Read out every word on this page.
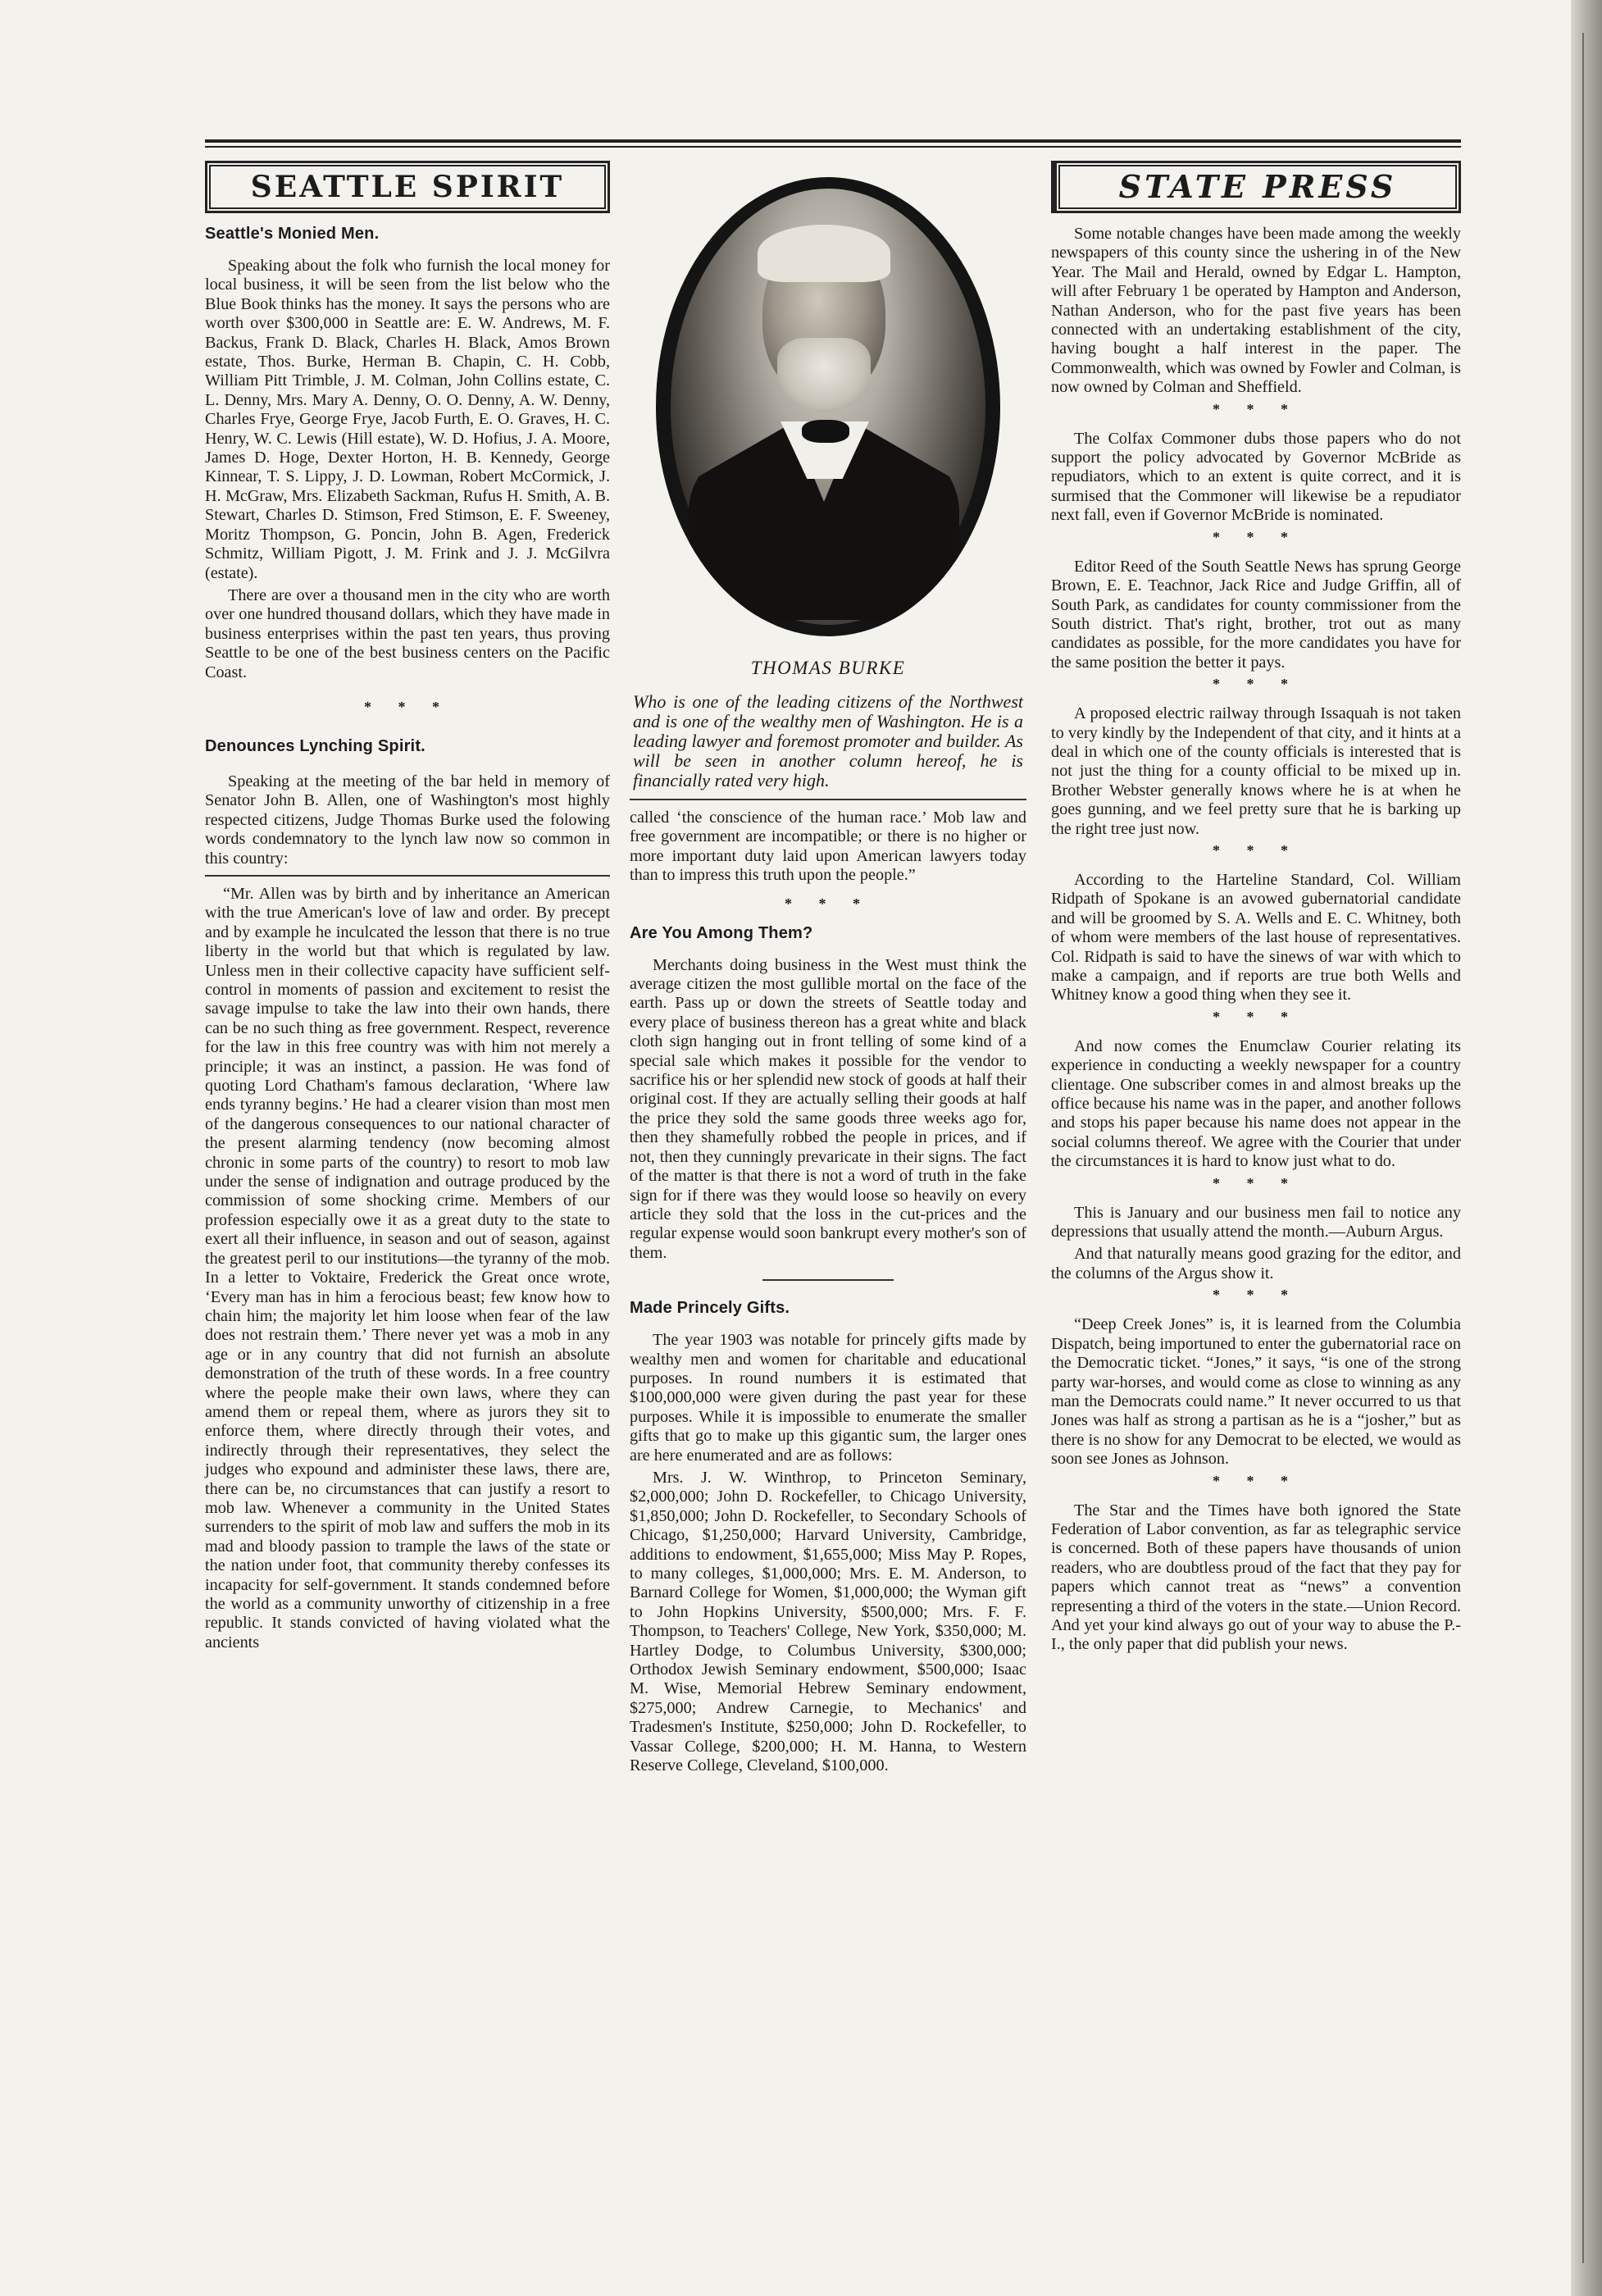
SEATTLE SPIRIT
Seattle's Monied Men.

Speaking about the folk who furnish the local money for local business, it will be seen from the list below who the Blue Book thinks has the money. It says the persons who are worth over $300,000 in Seattle are: E. W. Andrews, M. F. Backus, Frank D. Black, Charles H. Black, Amos Brown estate, Thos. Burke, Herman B. Chapin, C. H. Cobb, William Pitt Trimble, J. M. Colman, John Collins estate, C. L. Denny, Mrs. Mary A. Denny, O. O. Denny, A. W. Denny, Charles Frye, George Frye, Jacob Furth, E. O. Graves, H. C. Henry, W. C. Lewis (Hill estate), W. D. Hofius, J. A. Moore, James D. Hoge, Dexter Horton, H. B. Kennedy, George Kinnear, T. S. Lippy, J. D. Lowman, Robert McCormick, J. H. McGraw, Mrs. Elizabeth Sackman, Rufus H. Smith, A. B. Stewart, Charles D. Stimson, Fred Stimson, E. F. Sweeney, Moritz Thompson, G. Poncin, John B. Agen, Frederick Schmitz, William Pigott, J. M. Frink and J. J. McGilvra (estate).

There are over a thousand men in the city who are worth over one hundred thousand dollars, which they have made in business enterprises within the past ten years, thus proving Seattle to be one of the best business centers on the Pacific Coast.

* * *
Denounces Lynching Spirit.

Speaking at the meeting of the bar held in memory of Senator John B. Allen, one of Washington's most highly respected citizens, Judge Thomas Burke used the folowing words condemnatory to the lynch law now so common in this country:

“Mr. Allen was by birth and by inheritance an American with the true American's love of law and order. By precept and by example he inculcated the lesson that there is no true liberty in the world but that which is regulated by law. Unless men in their collective capacity have sufficient self-control in moments of passion and excitement to resist the savage impulse to take the law into their own hands, there can be no such thing as free government. Respect, reverence for the law in this free country was with him not merely a principle; it was an instinct, a passion. He was fond of quoting Lord Chatham's famous declaration, ‘Where law ends tyranny begins.’ He had a clearer vision than most men of the dangerous consequences to our national character of the present alarming tendency (now becoming almost chronic in some parts of the country) to resort to mob law under the sense of indignation and outrage produced by the commission of some shocking crime. Members of our profession especially owe it as a great duty to the state to exert all their influence, in season and out of season, against the greatest peril to our institutions—the tyranny of the mob. In a letter to Voktaire, Frederick the Great once wrote, ‘Every man has in him a ferocious beast; few know how to chain him; the majority let him loose when fear of the law does not restrain them.’ There never yet was a mob in any age or in any country that did not furnish an absolute demonstration of the truth of these words. In a free country where the people make their own laws, where they can amend them or repeal them, where as jurors they sit to enforce them, where directly through their votes, and indirectly through their representatives, they select the judges who expound and administer these laws, there are, there can be, no circumstances that can justify a resort to mob law. Whenever a community in the United States surrenders to the spirit of mob law and suffers the mob in its mad and bloody passion to trample the laws of the state or the nation under foot, that community thereby confesses its incapacity for self-government. It stands condemned before the world as a community unworthy of citizenship in a free republic. It stands convicted of having violated what the ancients

THOMAS BURKE

Who is one of the leading citizens of the Northwest and is one of the wealthy men of Washington. He is a leading lawyer and foremost promoter and builder. As will be seen in another column hereof, he is financially rated very high.

called ‘the conscience of the human race.’ Mob law and free government are incompatible; or there is no higher or more important duty laid upon American lawyers today than to impress this truth upon the people.”

* * *
Are You Among Them?

Merchants doing business in the West must think the average citizen the most gullible mortal on the face of the earth. Pass up or down the streets of Seattle today and every place of business thereon has a great white and black cloth sign hanging out in front telling of some kind of a special sale which makes it possible for the vendor to sacrifice his or her splendid new stock of goods at half their original cost. If they are actually selling their goods at half the price they sold the same goods three weeks ago for, then they shamefully robbed the people in prices, and if not, then they cunningly prevaricate in their signs. The fact of the matter is that there is not a word of truth in the fake sign for if there was they would loose so heavily on every article they sold that the loss in the cut-prices and the regular expense would soon bankrupt every mother's son of them.

Made Princely Gifts.

The year 1903 was notable for princely gifts made by wealthy men and women for charitable and educational purposes. In round numbers it is estimated that $100,000,000 were given during the past year for these purposes. While it is impossible to enumerate the smaller gifts that go to make up this gigantic sum, the larger ones are here enumerated and are as follows:

Mrs. J. W. Winthrop, to Princeton Seminary, $2,000,000; John D. Rockefeller, to Chicago University, $1,850,000; John D. Rockefeller, to Secondary Schools of Chicago, $1,250,000; Harvard University, Cambridge, additions to endowment, $1,655,000; Miss May P. Ropes, to many colleges, $1,000,000; Mrs. E. M. Anderson, to Barnard College for Women, $1,000,000; the Wyman gift to John Hopkins University, $500,000; Mrs. F. F. Thompson, to Teachers' College, New York, $350,000; M. Hartley Dodge, to Columbus University, $300,000; Orthodox Jewish Seminary endowment, $500,000; Isaac M. Wise, Memorial Hebrew Seminary endowment, $275,000; Andrew Carnegie, to Mechanics' and Tradesmen's Institute, $250,000; John D. Rockefeller, to Vassar College, $200,000; H. M. Hanna, to Western Reserve College, Cleveland, $100,000.

STATE PRESS

Some notable changes have been made among the weekly newspapers of this county since the ushering in of the New Year. The Mail and Herald, owned by Edgar L. Hampton, will after February 1 be operated by Hampton and Anderson, Nathan Anderson, who for the past five years has been connected with an undertaking establishment of the city, having bought a half interest in the paper. The Commonwealth, which was owned by Fowler and Colman, is now owned by Colman and Sheffield.

* * *

The Colfax Commoner dubs those papers who do not support the policy advocated by Governor McBride as repudiators, which to an extent is quite correct, and it is surmised that the Commoner will likewise be a repudiator next fall, even if Governor McBride is nominated.

* * *

Editor Reed of the South Seattle News has sprung George Brown, E. E. Teachnor, Jack Rice and Judge Griffin, all of South Park, as candidates for county commissioner from the South district. That's right, brother, trot out as many candidates as possible, for the more candidates you have for the same position the better it pays.

* * *

A proposed electric railway through Issaquah is not taken to very kindly by the Independent of that city, and it hints at a deal in which one of the county officials is interested that is not just the thing for a county official to be mixed up in. Brother Webster generally knows where he is at when he goes gunning, and we feel pretty sure that he is barking up the right tree just now.

* * *

According to the Harteline Standard, Col. William Ridpath of Spokane is an avowed gubernatorial candidate and will be groomed by S. A. Wells and E. C. Whitney, both of whom were members of the last house of representatives. Col. Ridpath is said to have the sinews of war with which to make a campaign, and if reports are true both Wells and Whitney know a good thing when they see it.

* * *

And now comes the Enumclaw Courier relating its experience in conducting a weekly newspaper for a country clientage. One subscriber comes in and almost breaks up the office because his name was in the paper, and another follows and stops his paper because his name does not appear in the social columns thereof. We agree with the Courier that under the circumstances it is hard to know just what to do.

* * *

This is January and our business men fail to notice any depressions that usually attend the month.—Auburn Argus.

And that naturally means good grazing for the editor, and the columns of the Argus show it.

* * *

“Deep Creek Jones” is, it is learned from the Columbia Dispatch, being importuned to enter the gubernatorial race on the Democratic ticket. “Jones,” it says, “is one of the strong party war-horses, and would come as close to winning as any man the Democrats could name.” It never occurred to us that Jones was half as strong a partisan as he is a “josher,” but as there is no show for any Democrat to be elected, we would as soon see Jones as Johnson.

* * *

The Star and the Times have both ignored the State Federation of Labor convention, as far as telegraphic service is concerned. Both of these papers have thousands of union readers, who are doubtless proud of the fact that they pay for papers which cannot treat as “news” a convention representing a third of the voters in the state.—Union Record. And yet your kind always go out of your way to abuse the P.-I., the only paper that did publish your news.
